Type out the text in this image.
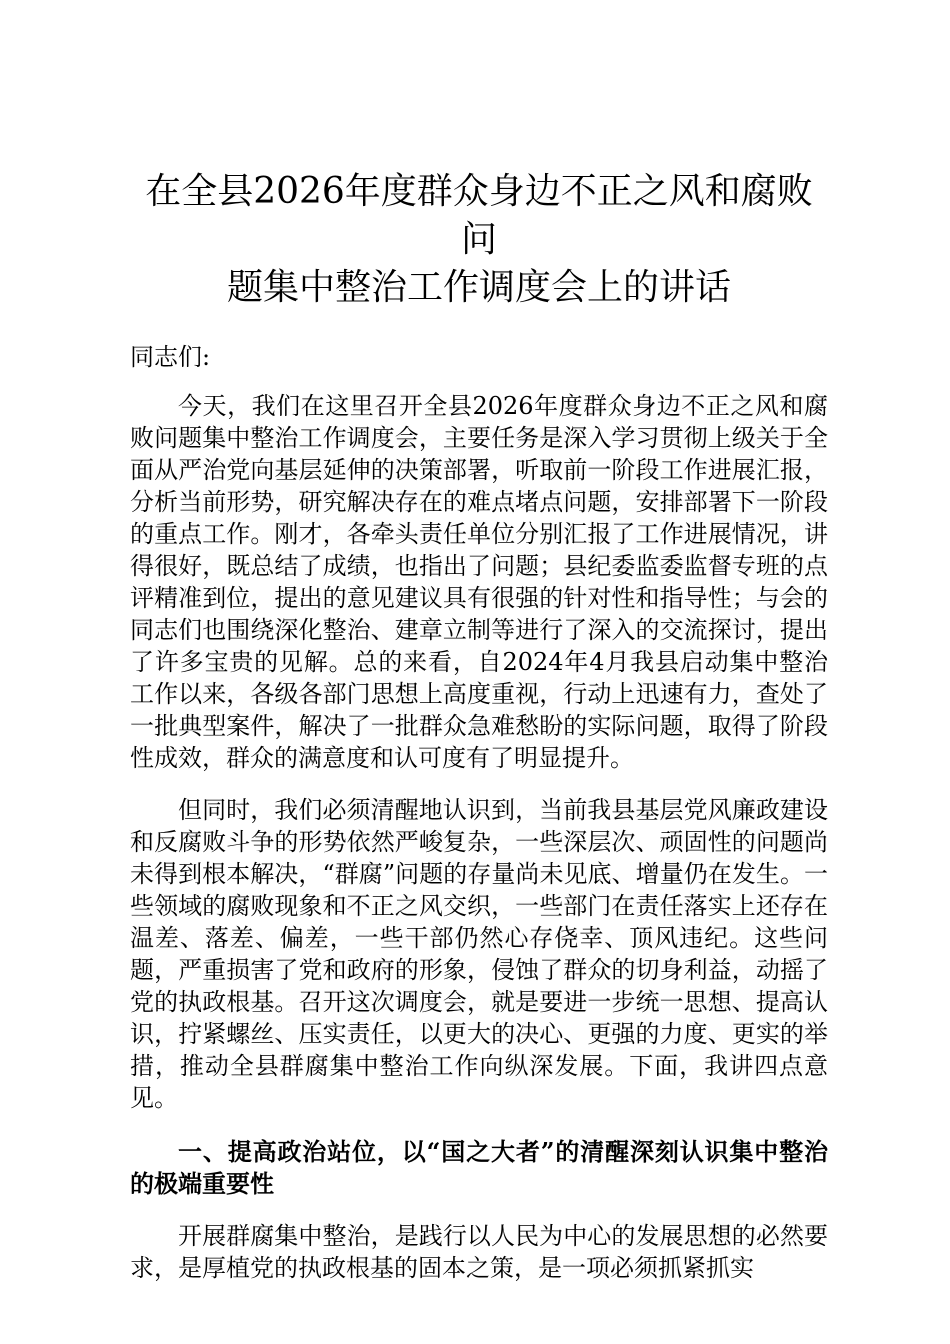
在全县2026年度群众身边不正之风和腐败问
题集中整治工作调度会上的讲话

同志们:

今天，我们在这里召开全县2026年度群众身边不正之风和腐败问题集中整治工作调度会，主要任务是深入学习贯彻上级关于全面从严治党向基层延伸的决策部署，听取前一阶段工作进展汇报，分析当前形势，研究解决存在的难点堵点问题，安排部署下一阶段的重点工作。刚才，各牵头责任单位分别汇报了工作进展情况，讲得很好，既总结了成绩，也指出了问题；县纪委监委监督专班的点评精准到位，提出的意见建议具有很强的针对性和指导性；与会的同志们也围绕深化整治、建章立制等进行了深入的交流探讨，提出了许多宝贵的见解。总的来看，自2024年4月我县启动集中整治工作以来，各级各部门思想上高度重视，行动上迅速有力，查处了一批典型案件，解决了一批群众急难愁盼的实际问题，取得了阶段性成效，群众的满意度和认可度有了明显提升。

但同时，我们必须清醒地认识到，当前我县基层党风廉政建设和反腐败斗争的形势依然严峻复杂，一些深层次、顽固性的问题尚未得到根本解决，“群腐”问题的存量尚未见底、增量仍在发生。一些领域的腐败现象和不正之风交织，一些部门在责任落实上还存在温差、落差、偏差，一些干部仍然心存侥幸、顶风违纪。这些问题，严重损害了党和政府的形象，侵蚀了群众的切身利益，动摇了党的执政根基。召开这次调度会，就是要进一步统一思想、提高认识，拧紧螺丝、压实责任，以更大的决心、更强的力度、更实的举措，推动全县群腐集中整治工作向纵深发展。下面，我讲四点意见。

一、提高政治站位，以“国之大者”的清醒深刻认识集中整治的极端重要性

开展群腐集中整治，是践行以人民为中心的发展思想的必然要求，是厚植党的执政根基的固本之策，是一项必须抓紧抓实
